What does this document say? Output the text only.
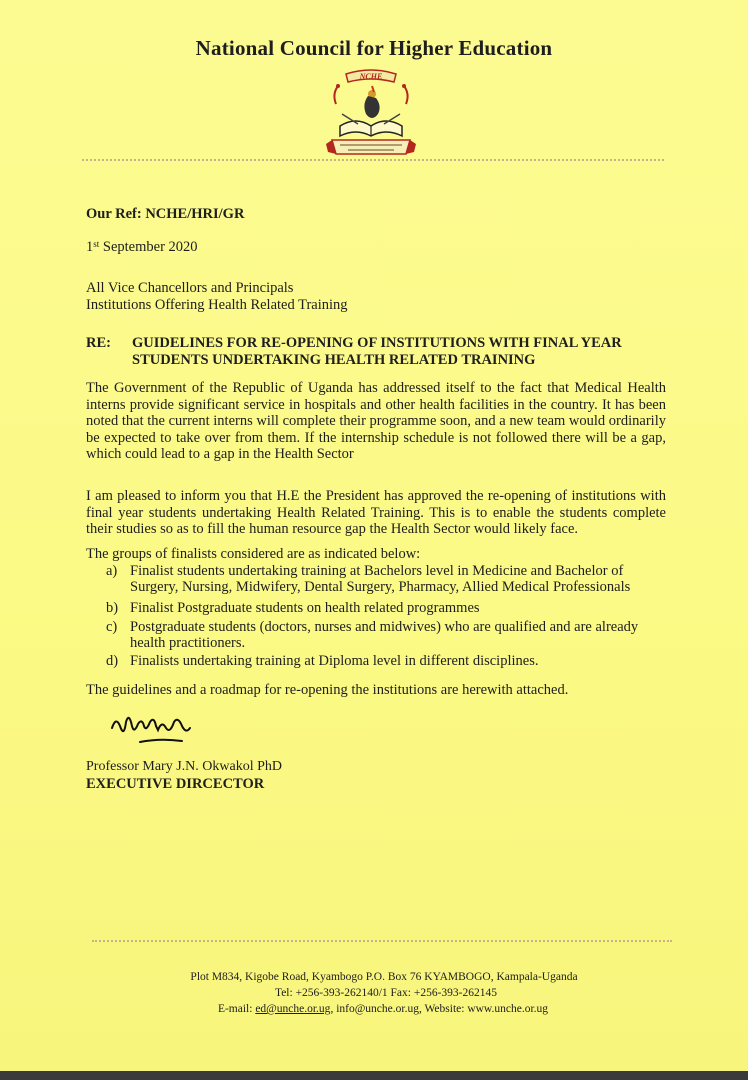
National Council for Higher Education
NCHE
Our Ref: NCHE/HRI/GR
1st September 2020
All Vice Chancellors and Principals
Institutions Offering Health Related Training
RE: GUIDELINES FOR RE-OPENING OF INSTITUTIONS WITH FINAL YEAR
STUDENTS UNDERTAKING HEALTH RELATED TRAINING
The Government of the Republic of Uganda has addressed itself to the fact that Medical Health interns provide significant service in hospitals and other health facilities in the country. It has been noted that the current interns will complete their programme soon, and a new team would ordinarily be expected to take over from them. If the internship schedule is not followed there will be a gap, which could lead to a gap in the Health Sector
I am pleased to inform you that H.E the President has approved the re-opening of institutions with final year students undertaking Health Related Training. This is to enable the students complete their studies so as to fill the human resource gap the Health Sector would likely face.
The groups of finalists considered are as indicated below:
a) Finalist students undertaking training at Bachelors level in Medicine and Bachelor of Surgery, Nursing, Midwifery, Dental Surgery, Pharmacy, Allied Medical Professionals
b) Finalist Postgraduate students on health related programmes
c) Postgraduate students (doctors, nurses and midwives) who are qualified and are already health practitioners.
d) Finalists undertaking training at Diploma level in different disciplines.
The guidelines and a roadmap for re-opening the institutions are herewith attached.
Professor Mary J.N. Okwakol PhD
EXECUTIVE DIRCECTOR
Plot M834, Kigobe Road, Kyambogo P.O. Box 76 KYAMBOGO, Kampala-Uganda
Tel: +256-393-262140/1 Fax: +256-393-262145
E-mail: ed@unche.or.ug, info@unche.or.ug, Website: www.unche.or.ug
